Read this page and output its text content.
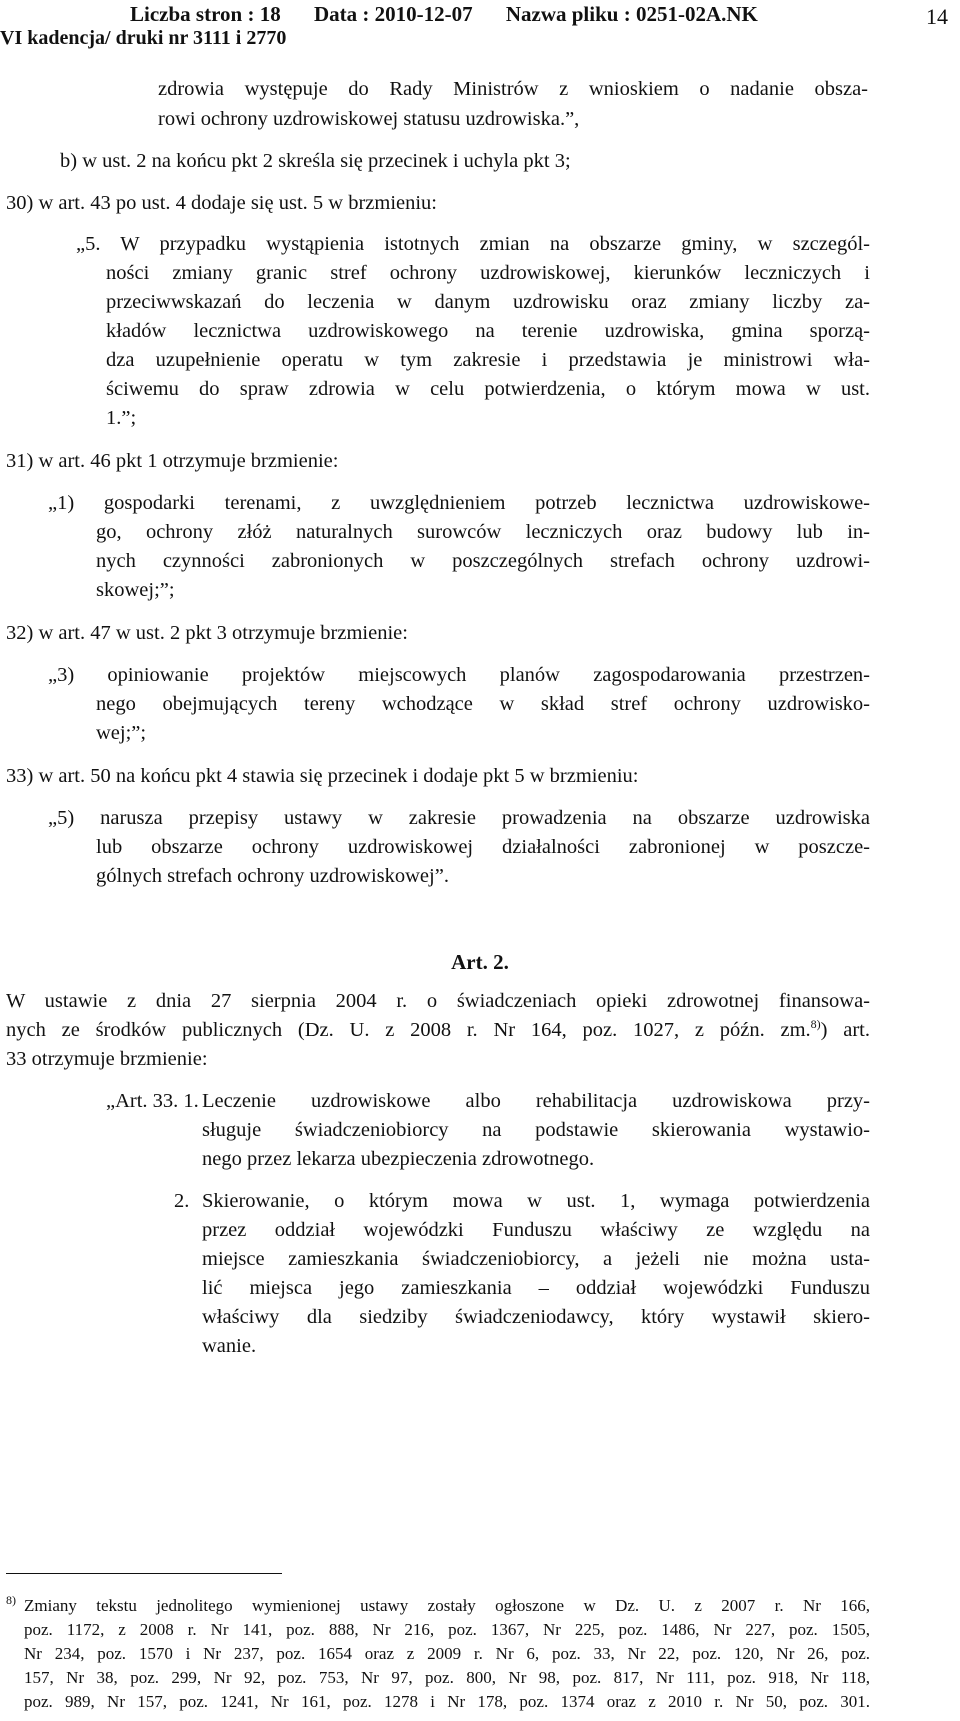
Liczba stron : 18 Data : 2010-12-07 Nazwa pliku : 0251-02A.NK
VI kadencja/ druki nr 3111 i 2770
14
zdrowia występuje do Rady Ministrów z wnioskiem o nadanie obsza-
rowi ochrony uzdrowiskowej statusu uzdrowiska.”,
b) w ust. 2 na końcu pkt 2 skreśla się przecinek i uchyla pkt 3;
30) w art. 43 po ust. 4 dodaje się ust. 5 w brzmieniu:
„5. W przypadku wystąpienia istotnych zmian na obszarze gminy, w szczegól-
ności zmiany granic stref ochrony uzdrowiskowej, kierunków leczniczych i
przeciwwskazań do leczenia w danym uzdrowisku oraz zmiany liczby za-
kładów lecznictwa uzdrowiskowego na terenie uzdrowiska, gmina sporzą-
dza uzupełnienie operatu w tym zakresie i przedstawia je ministrowi wła-
ściwemu do spraw zdrowia w celu potwierdzenia, o którym mowa w ust.
1.”;
31) w art. 46 pkt 1 otrzymuje brzmienie:
„1) gospodarki terenami, z uwzględnieniem potrzeb lecznictwa uzdrowiskowe-
go, ochrony złóż naturalnych surowców leczniczych oraz budowy lub in-
nych czynności zabronionych w poszczególnych strefach ochrony uzdrowi-
skowej;”;
32) w art. 47 w ust. 2 pkt 3 otrzymuje brzmienie:
„3) opiniowanie projektów miejscowych planów zagospodarowania przestrzen-
nego obejmujących tereny wchodzące w skład stref ochrony uzdrowisko-
wej;”;
33) w art. 50 na końcu pkt 4 stawia się przecinek i dodaje pkt 5 w brzmieniu:
„5) narusza przepisy ustawy w zakresie prowadzenia na obszarze uzdrowiska
lub obszarze ochrony uzdrowiskowej działalności zabronionej w poszcze-
gólnych strefach ochrony uzdrowiskowej”.
Art. 2.
W ustawie z dnia 27 sierpnia 2004 r. o świadczeniach opieki zdrowotnej finansowa-
nych ze środków publicznych (Dz. U. z 2008 r. Nr 164, poz. 1027, z późn. zm.$^{8)}$) art.
33 otrzymuje brzmienie:
„Art. 33. 1. Leczenie uzdrowiskowe albo rehabilitacja uzdrowiskowa przy-
sługuje świadczeniobiorcy na podstawie skierowania wystawio-
nego przez lekarza ubezpieczenia zdrowotnego.
2. Skierowanie, o którym mowa w ust. 1, wymaga potwierdzenia
przez oddział wojewódzki Funduszu właściwy ze względu na
miejsce zamieszkania świadczeniobiorcy, a jeżeli nie można usta-
lić miejsca jego zamieszkania – oddział wojewódzki Funduszu
właściwy dla siedziby świadczeniodawcy, który wystawił skiero-
wanie.
8) Zmiany tekstu jednolitego wymienionej ustawy zostały ogłoszone w Dz. U. z 2007 r. Nr 166,
poz. 1172, z 2008 r. Nr 141, poz. 888, Nr 216, poz. 1367, Nr 225, poz. 1486, Nr 227, poz. 1505,
Nr 234, poz. 1570 i Nr 237, poz. 1654 oraz z 2009 r. Nr 6, poz. 33, Nr 22, poz. 120, Nr 26, poz.
157, Nr 38, poz. 299, Nr 92, poz. 753, Nr 97, poz. 800, Nr 98, poz. 817, Nr 111, poz. 918, Nr 118,
poz. 989, Nr 157, poz. 1241, Nr 161, poz. 1278 i Nr 178, poz. 1374 oraz z 2010 r. Nr 50, poz. 301.
